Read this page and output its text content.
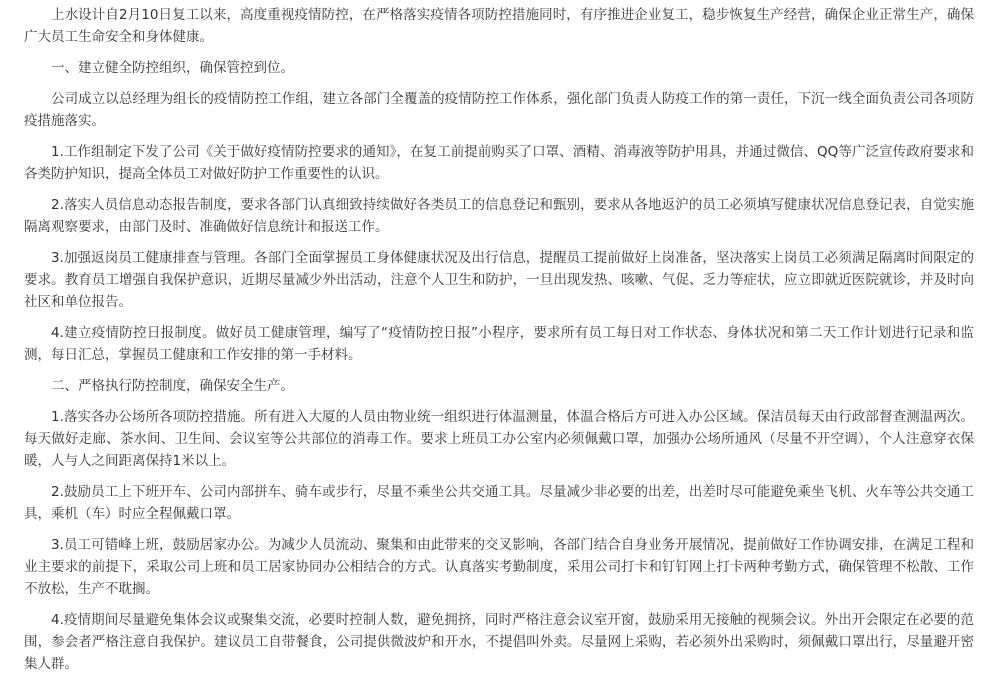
上水设计自2月10日复工以来，高度重视疫情防控，在严格落实疫情各项防控措施同时，有序推进企业复工，稳步恢复生产经营，确保企业正常生产，确保广大员工生命安全和身体健康。

一、建立健全防控组织，确保管控到位。

公司成立以总经理为组长的疫情防控工作组，建立各部门全覆盖的疫情防控工作体系，强化部门负责人防疫工作的第一责任，下沉一线全面负责公司各项防疫措施落实。

1.工作组制定下发了公司《关于做好疫情防控要求的通知》，在复工前提前购买了口罩、酒精、消毒液等防护用具，并通过微信、QQ等广泛宣传政府要求和各类防护知识，提高全体员工对做好防护工作重要性的认识。

2.落实人员信息动态报告制度，要求各部门认真细致持续做好各类员工的信息登记和甄别，要求从各地返沪的员工必须填写健康状况信息登记表，自觉实施隔离观察要求，由部门及时、准确做好信息统计和报送工作。

3.加强返岗员工健康排查与管理。各部门全面掌握员工身体健康状况及出行信息，提醒员工提前做好上岗准备，坚决落实上岗员工必须满足隔离时间限定的要求。教育员工增强自我保护意识，近期尽量减少外出活动，注意个人卫生和防护，一旦出现发热、咳嗽、气促、乏力等症状，应立即就近医院就诊，并及时向社区和单位报告。

4.建立疫情防控日报制度。做好员工健康管理，编写了“疫情防控日报”小程序，要求所有员工每日对工作状态、身体状况和第二天工作计划进行记录和监测，每日汇总，掌握员工健康和工作安排的第一手材料。

二、严格执行防控制度，确保安全生产。

1.落实各办公场所各项防控措施。所有进入大厦的人员由物业统一组织进行体温测量，体温合格后方可进入办公区域。保洁员每天由行政部督查测温两次。每天做好走廊、茶水间、卫生间、会议室等公共部位的消毒工作。要求上班员工办公室内必须佩戴口罩，加强办公场所通风（尽量不开空调），个人注意穿衣保暖，人与人之间距离保持1米以上。

2.鼓励员工上下班开车、公司内部拼车、骑车或步行，尽量不乘坐公共交通工具。尽量减少非必要的出差，出差时尽可能避免乘坐飞机、火车等公共交通工具，乘机（车）时应全程佩戴口罩。

3.员工可错峰上班，鼓励居家办公。为减少人员流动、聚集和由此带来的交叉影响，各部门结合自身业务开展情况，提前做好工作协调安排，在满足工程和业主要求的前提下，采取公司上班和员工居家协同办公相结合的方式。认真落实考勤制度，采用公司打卡和钉钉网上打卡两种考勤方式，确保管理不松散、工作不放松，生产不耽搁。

4.疫情期间尽量避免集体会议或聚集交流，必要时控制人数，避免拥挤，同时严格注意会议室开窗，鼓励采用无接触的视频会议。外出开会限定在必要的范围，参会者严格注意自我保护。建议员工自带餐食，公司提供微波炉和开水，不提倡叫外卖。尽量网上采购，若必须外出采购时，须佩戴口罩出行，尽量避开密集人群。
